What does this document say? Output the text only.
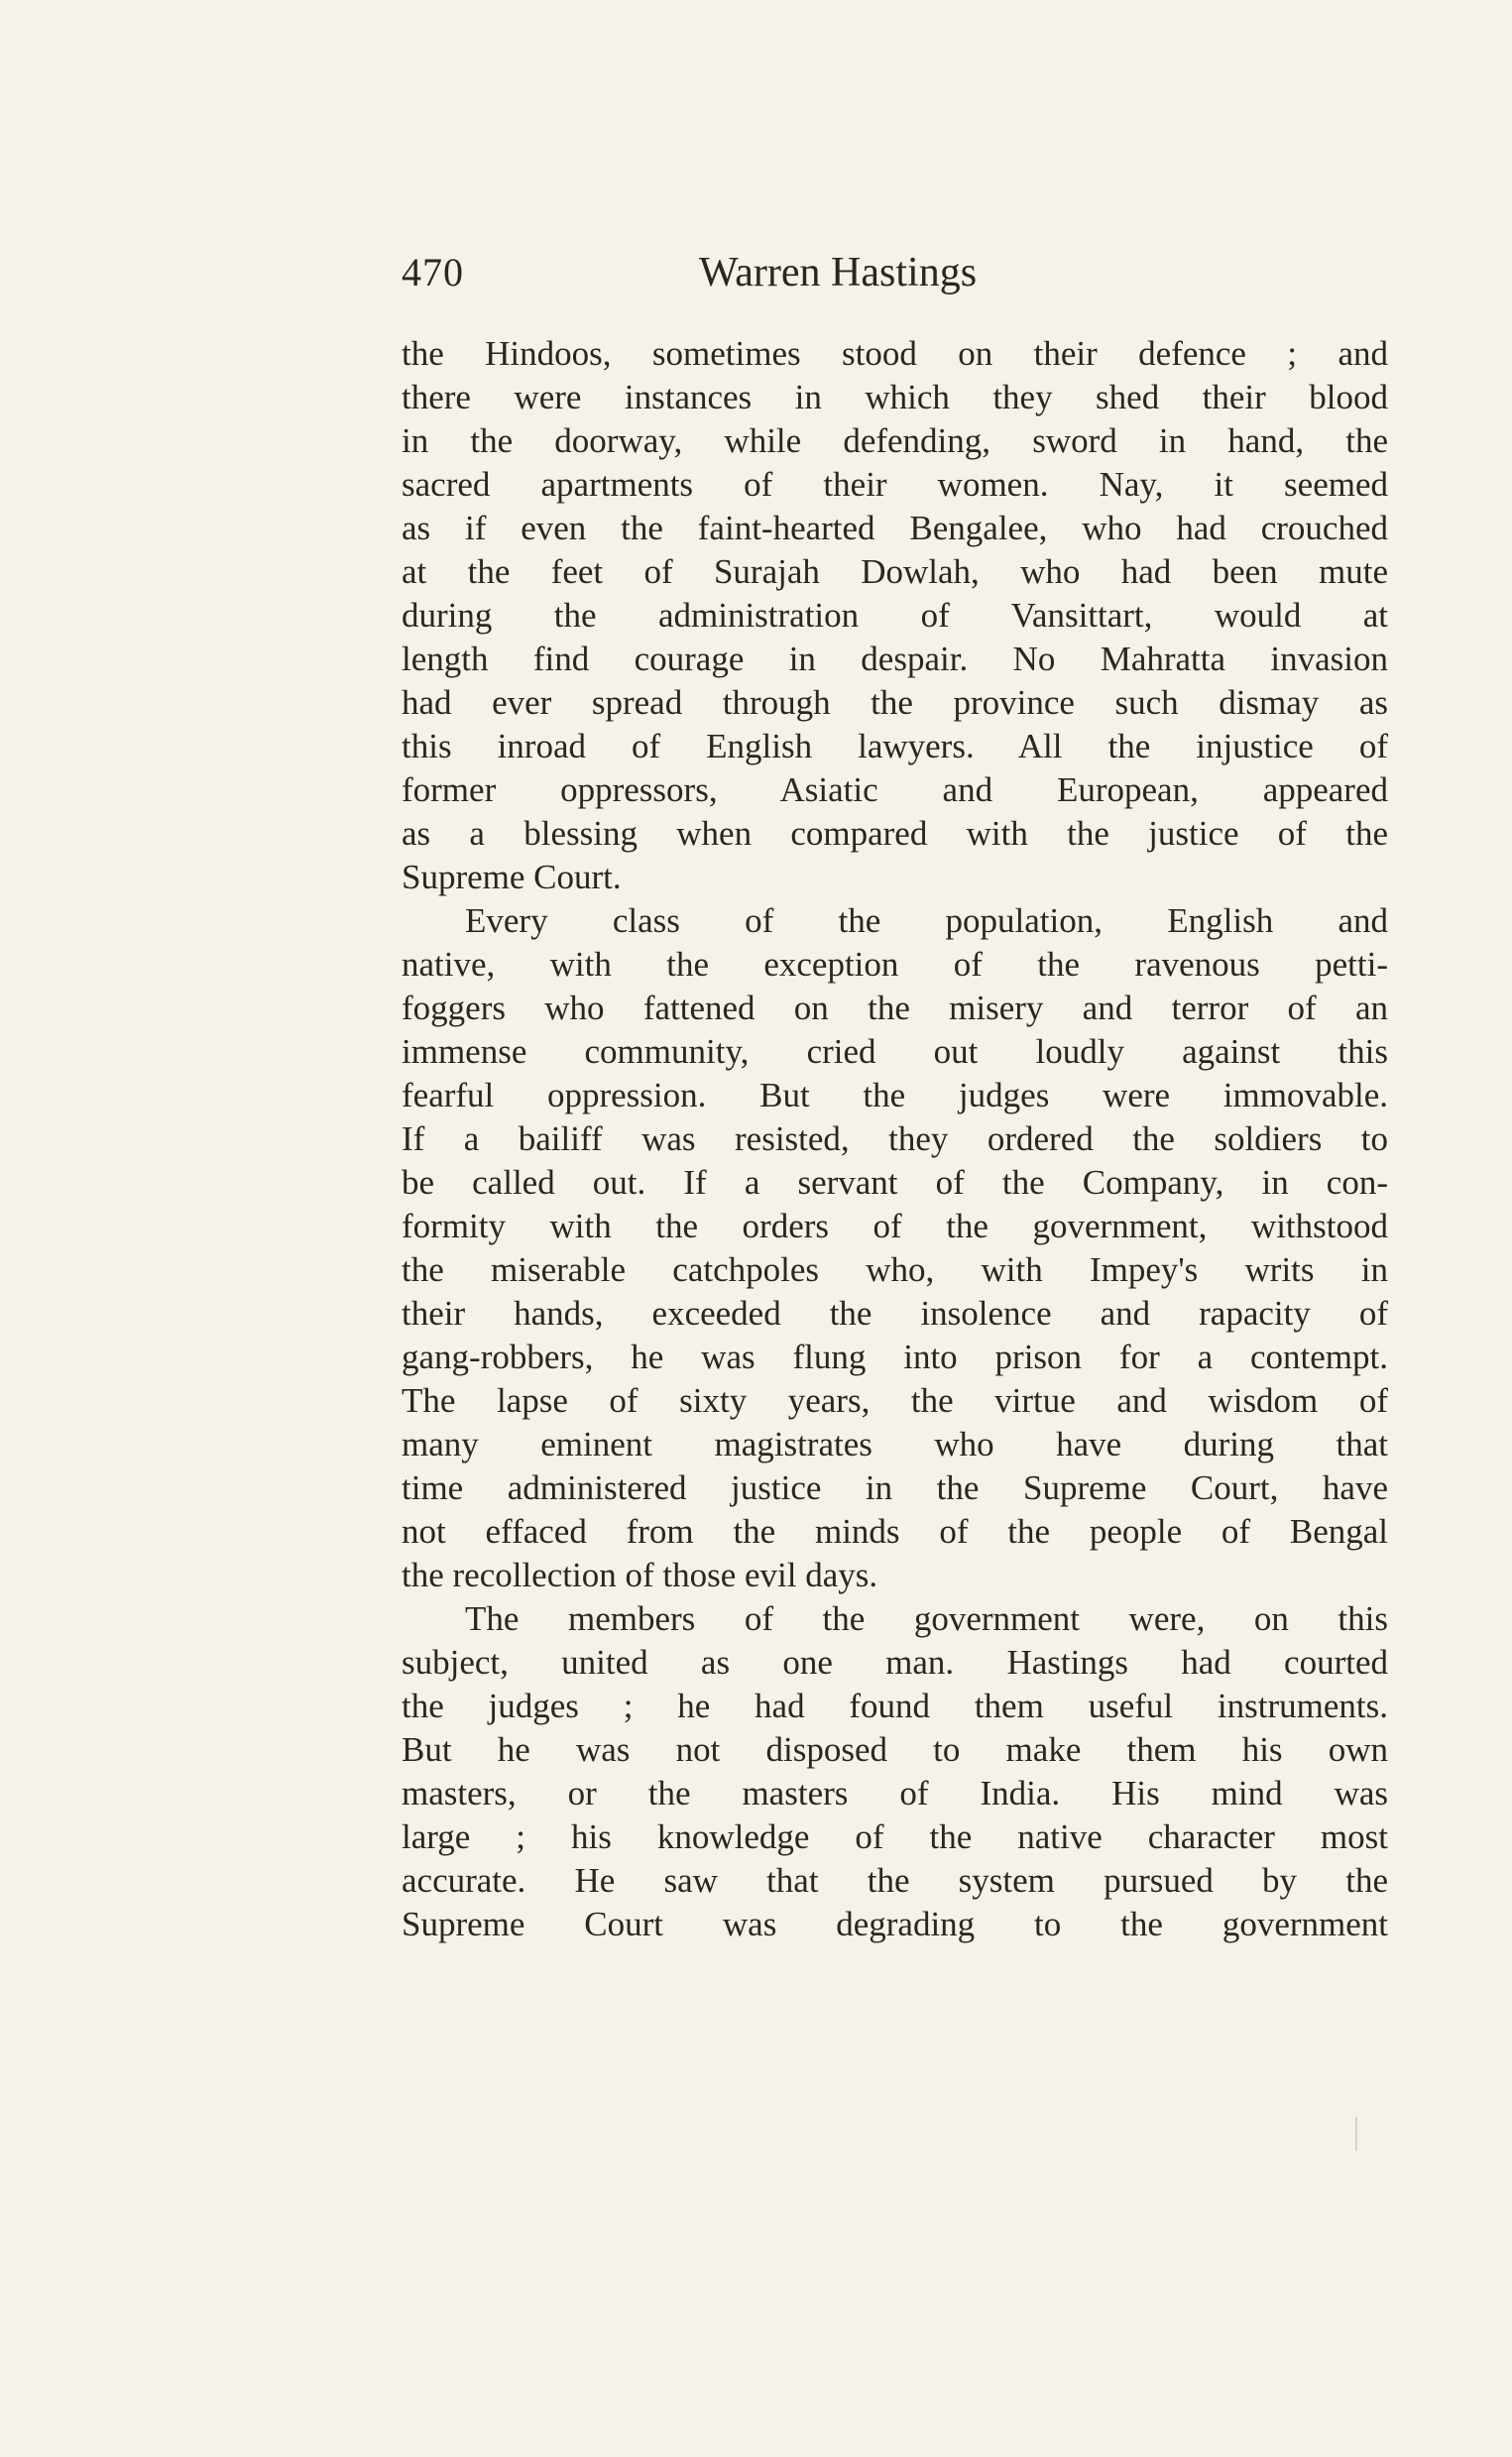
470	Warren Hastings
the Hindoos, sometimes stood on their defence ; and
there were instances in which they shed their blood
in the doorway, while defending, sword in hand, the
sacred apartments of their women. Nay, it seemed
as if even the faint-hearted Bengalee, who had crouched
at the feet of Surajah Dowlah, who had been mute
during the administration of Vansittart, would at
length find courage in despair. No Mahratta invasion
had ever spread through the province such dismay as
this inroad of English lawyers. All the injustice of
former oppressors, Asiatic and European, appeared
as a blessing when compared with the justice of the
Supreme Court.
Every class of the population, English and
native, with the exception of the ravenous petti-
foggers who fattened on the misery and terror of an
immense community, cried out loudly against this
fearful oppression. But the judges were immovable.
If a bailiff was resisted, they ordered the soldiers to
be called out. If a servant of the Company, in con-
formity with the orders of the government, withstood
the miserable catchpoles who, with Impey's writs in
their hands, exceeded the insolence and rapacity of
gang-robbers, he was flung into prison for a contempt.
The lapse of sixty years, the virtue and wisdom of
many eminent magistrates who have during that
time administered justice in the Supreme Court, have
not effaced from the minds of the people of Bengal
the recollection of those evil days.
The members of the government were, on this
subject, united as one man. Hastings had courted
the judges ; he had found them useful instruments.
But he was not disposed to make them his own
masters, or the masters of India. His mind was
large ; his knowledge of the native character most
accurate. He saw that the system pursued by the
Supreme Court was degrading to the government
